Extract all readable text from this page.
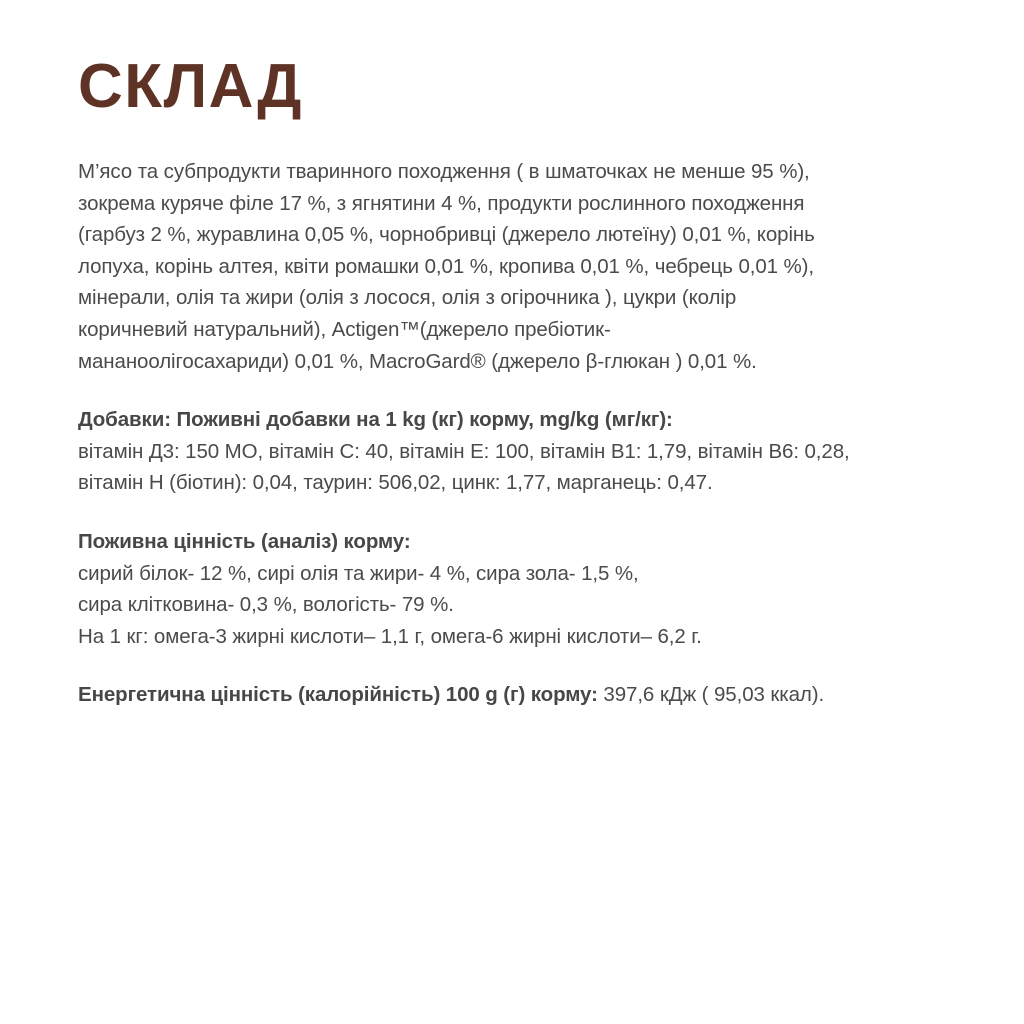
СКЛАД

М’ясо та субпродукти тваринного походження ( в шматочках не менше 95 %),
зокрема куряче філе 17 %, з ягнятини 4 %, продукти рослинного походження
(гарбуз 2 %, журавлина 0,05 %, чорнобривці (джерело лютеїну) 0,01 %, корінь
лопуха, корінь алтея, квіти ромашки 0,01 %, кропива 0,01 %, чебрець 0,01 %),
мінерали, олія та жири (олія з лосося, олія з огірочника ), цукри (колір
коричневий натуральний), Actigen™(джерело пребіотик-
мананоолігосахариди) 0,01 %, MacroGard® (джерело β-глюкан ) 0,01 %.

Добавки: Поживні добавки на 1 kg (кг) корму, mg/kg (мг/кг):
вітамін Д3: 150 МО, вітамін С: 40, вітамін Е: 100, вітамін В1: 1,79, вітамін В6: 0,28,
вітамін Н (біотин): 0,04, таурин: 506,02, цинк: 1,77, марганець: 0,47.

Поживна цінність (аналіз) корму:
сирий білок- 12 %, сирі олія та жири- 4 %, сира зола- 1,5 %,
сира клітковина- 0,3 %, вологість- 79 %.
На 1 кг: омега-3 жирні кислоти– 1,1 г, омега-6 жирні кислоти– 6,2 г.

Енергетична цінність (калорійність) 100 g (г) корму: 397,6 кДж ( 95,03 ккал).
